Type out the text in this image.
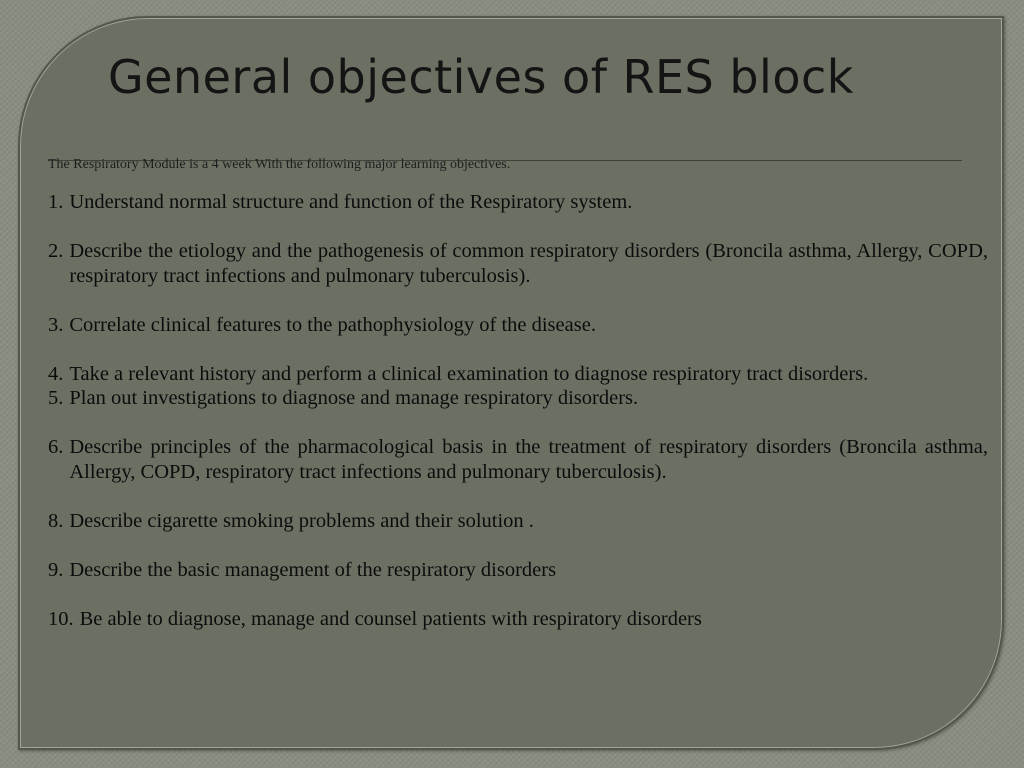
General objectives of RES block
The Respiratory Module is a 4 week With the following major learning objectives.
1. Understand normal structure and function of the Respiratory system.
2. Describe the etiology and the pathogenesis of common respiratory disorders (Broncila asthma, Allergy, COPD, respiratory tract infections and pulmonary tuberculosis).
3. Correlate clinical features to the pathophysiology of the disease.
4. Take a relevant history and perform a clinical examination to diagnose respiratory tract disorders.
5. Plan out investigations to diagnose and manage respiratory disorders.
6. Describe principles of the pharmacological basis in the treatment of respiratory disorders (Broncila asthma, Allergy, COPD, respiratory tract infections and pulmonary tuberculosis).
8. Describe cigarette smoking problems and their solution .
9. Describe the basic management of the respiratory disorders
10. Be able to diagnose, manage and counsel patients with respiratory disorders
